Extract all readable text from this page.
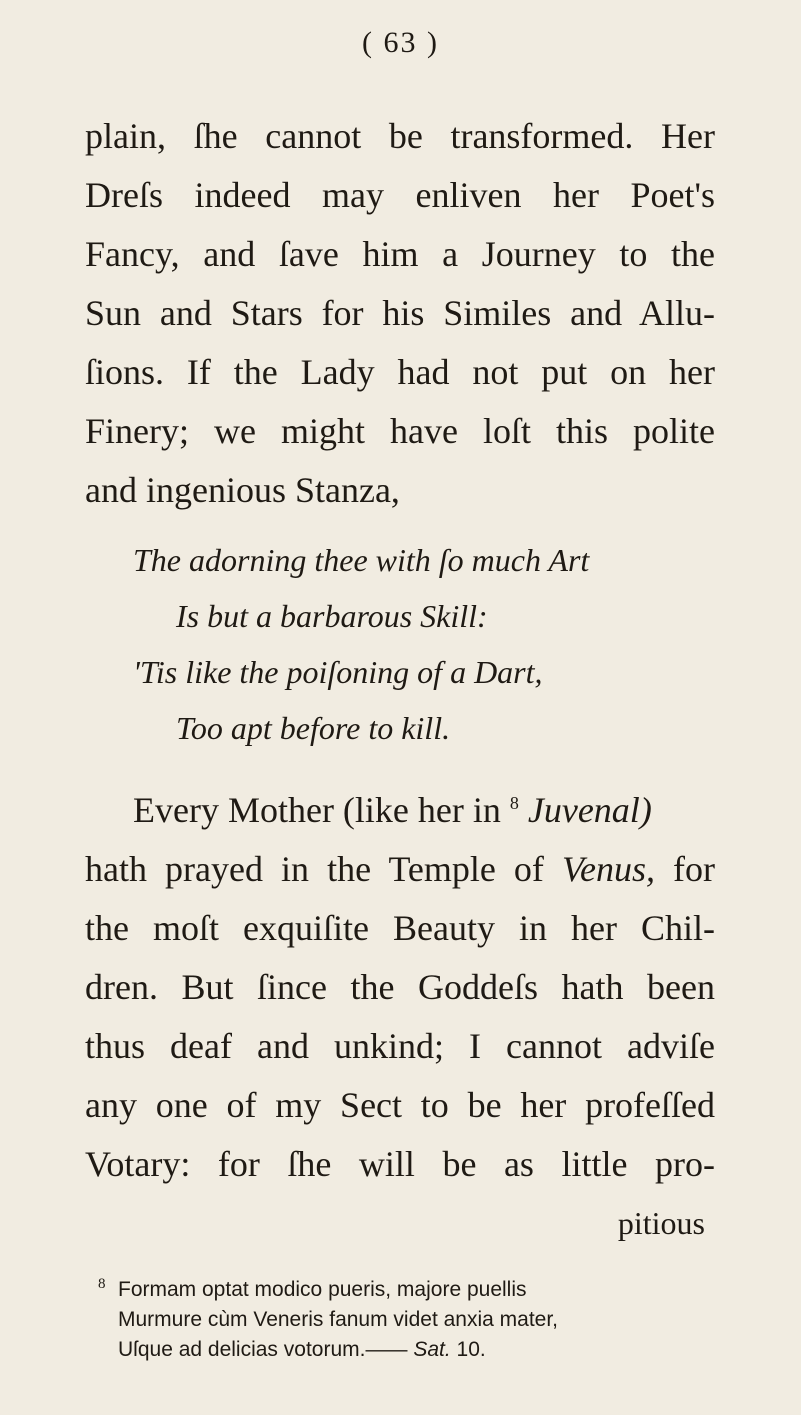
( 63 )
plain, ſhe cannot be transformed. Her
Dreſs indeed may enliven her Poet's
Fancy, and ſave him a Journey to the
Sun and Stars for his Similes and Allu-
ſions. If the Lady had not put on her
Finery; we might have loſt this polite
and ingenious Stanza,
The adorning thee with ſo much Art
Is but a barbarous Skill:
'Tis like the poiſoning of a Dart,
Too apt before to kill.
Every Mother (like her in $^8$ Juvenal)
hath prayed in the Temple of Venus, for
the moſt exquiſite Beauty in her Chil-
dren. But ſince the Goddeſs hath been
thus deaf and unkind; I cannot adviſe
any one of my Sect to be her profeſſed
Votary: for ſhe will be as little pro-
pitious
8 Formam optat modico pueris, majore puellis
Murmure cùm Veneris fanum videt anxia mater,
Uſque ad delicias votorum.—— Sat. 10.
